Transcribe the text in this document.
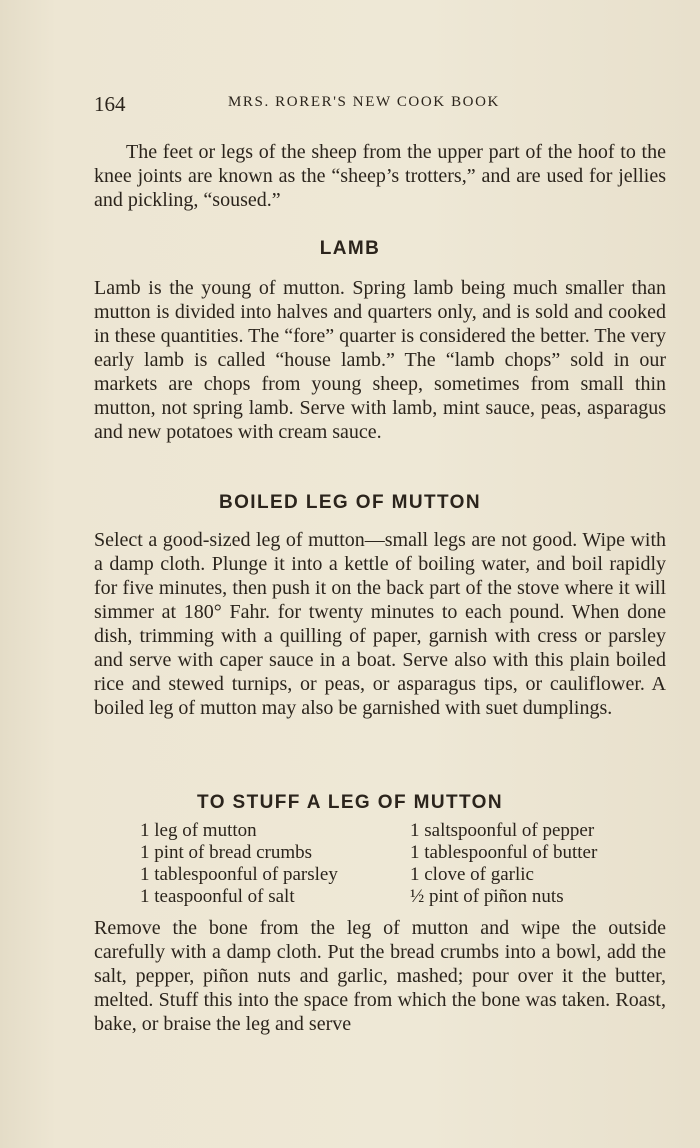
164	MRS. RORER'S NEW COOK BOOK

The feet or legs of the sheep from the upper part of the hoof to the knee joints are known as the “sheep’s trotters,” and are used for jellies and pickling, “soused.”

LAMB

Lamb is the young of mutton. Spring lamb being much smaller than mutton is divided into halves and quarters only, and is sold and cooked in these quantities. The “fore” quarter is considered the better. The very early lamb is called “house lamb.” The “lamb chops” sold in our markets are chops from young sheep, sometimes from small thin mutton, not spring lamb. Serve with lamb, mint sauce, peas, asparagus and new potatoes with cream sauce.

BOILED LEG OF MUTTON

Select a good-sized leg of mutton—small legs are not good. Wipe with a damp cloth. Plunge it into a kettle of boiling water, and boil rapidly for five minutes, then push it on the back part of the stove where it will simmer at 180° Fahr. for twenty minutes to each pound. When done dish, trimming with a quilling of paper, garnish with cress or parsley and serve with caper sauce in a boat. Serve also with this plain boiled rice and stewed turnips, or peas, or asparagus tips, or cauliflower. A boiled leg of mutton may also be garnished with suet dumplings.

TO STUFF A LEG OF MUTTON
1 leg of mutton
1 pint of bread crumbs
1 tablespoonful of parsley
1 teaspoonful of salt
1 saltspoonful of pepper
1 tablespoonful of butter
1 clove of garlic
½ pint of piñon nuts

Remove the bone from the leg of mutton and wipe the outside carefully with a damp cloth. Put the bread crumbs into a bowl, add the salt, pepper, piñon nuts and garlic, mashed; pour over it the butter, melted. Stuff this into the space from which the bone was taken. Roast, bake, or braise the leg and serve
